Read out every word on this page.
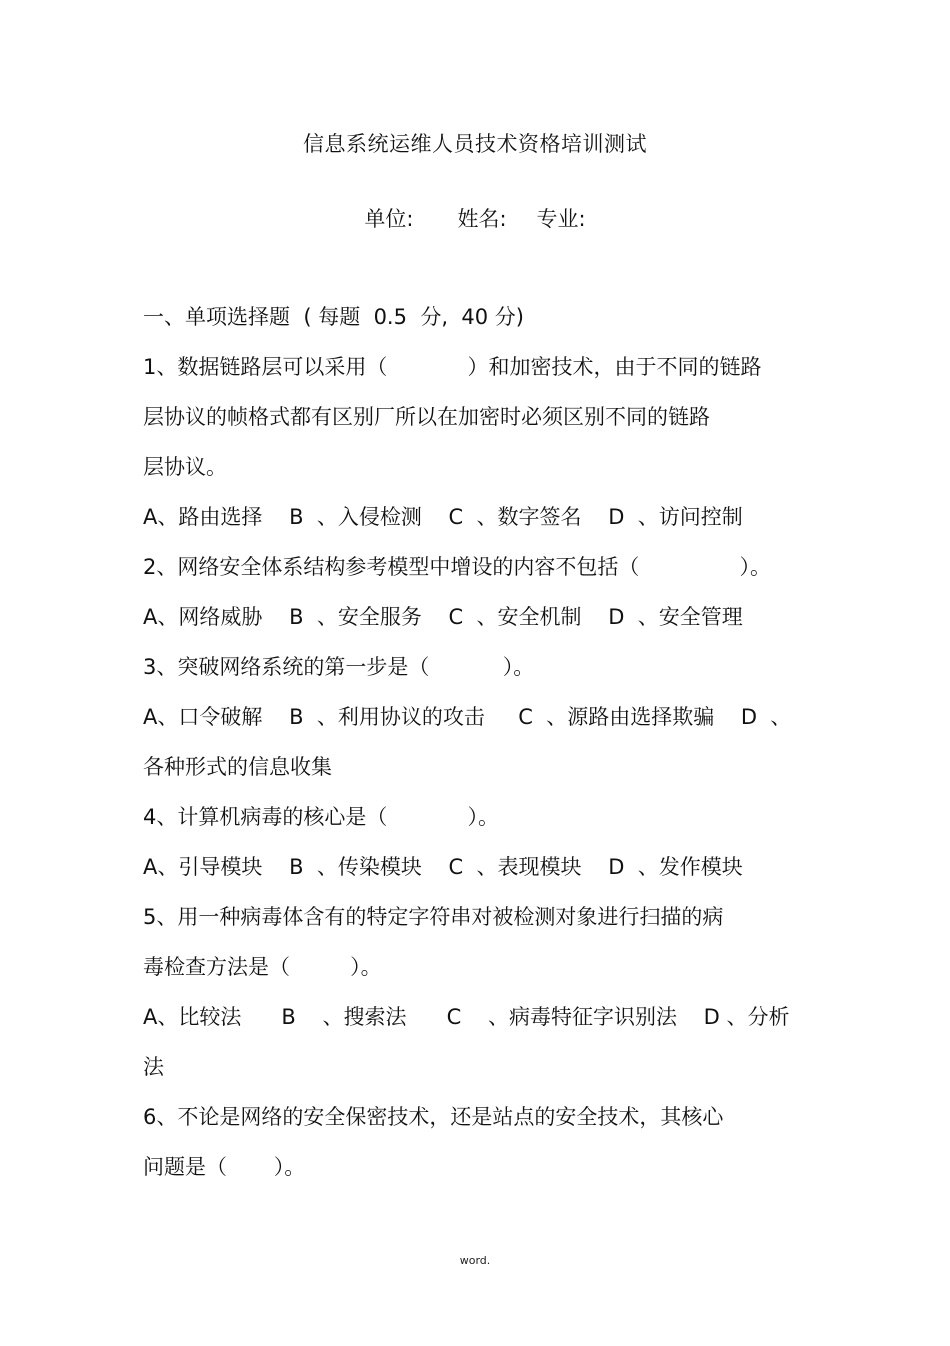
信息系统运维人员技术资格培训测试
单位: 姓名: 专业:
一、单项选择题  ( 每题  0.5  分,  40 分)
1、数据链路层可以采用（            ）和加密技术，由于不同的链路
层协议的帧格式都有区别厂所以在加密时必须区别不同的链路
层协议。
A、路由选择    B  、入侵检测    C  、数字签名    D  、访问控制
2、网络安全体系结构参考模型中增设的内容不包括（               ）。
A、网络威胁    B  、安全服务    C  、安全机制    D  、安全管理
3、突破网络系统的第一步是（           ）。
A、口令破解    B  、利用协议的攻击     C  、源路由选择欺骗    D  、
各种形式的信息收集
4、计算机病毒的核心是（            ）。
A、引导模块    B  、传染模块    C  、表现模块    D  、发作模块
5、用一种病毒体含有的特定字符串对被检测对象进行扫描的病
毒检查方法是（         ）。
A、比较法      B    、搜索法      C    、病毒特征字识别法    D 、分析
法
6、不论是网络的安全保密技术，还是站点的安全技术，其核心
问题是（       ）。
word.
